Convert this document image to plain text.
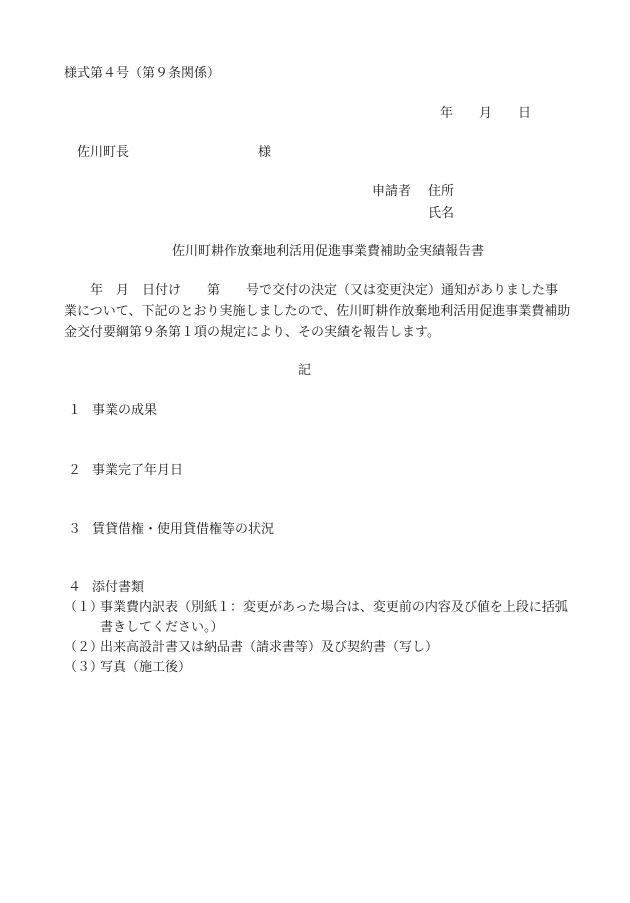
様式第４号（第９条関係）
年 月 日
佐川町長	様
申請者 住所
氏名
佐川町耕作放棄地利活用促進事業費補助金実績報告書
　　年　月　日付け　　第　　号で交付の決定（又は変更決定）通知がありました事
業について、下記のとおり実施しましたので、佐川町耕作放棄地利活用促進事業費補助
金交付要綱第９条第１項の規定により、その実績を報告します。
記
１ 事業の成果
２ 事業完了年月日
３ 賃貸借権・使用貸借権等の状況
４ 添付書類
（１）
事業費内訳表（別紙１：変更があった場合は、変更前の内容及び値を上段に括弧
書きしてください。）
（２）
出来高設計書又は納品書（請求書等）及び契約書（写し）
（３）
写真（施工後）
